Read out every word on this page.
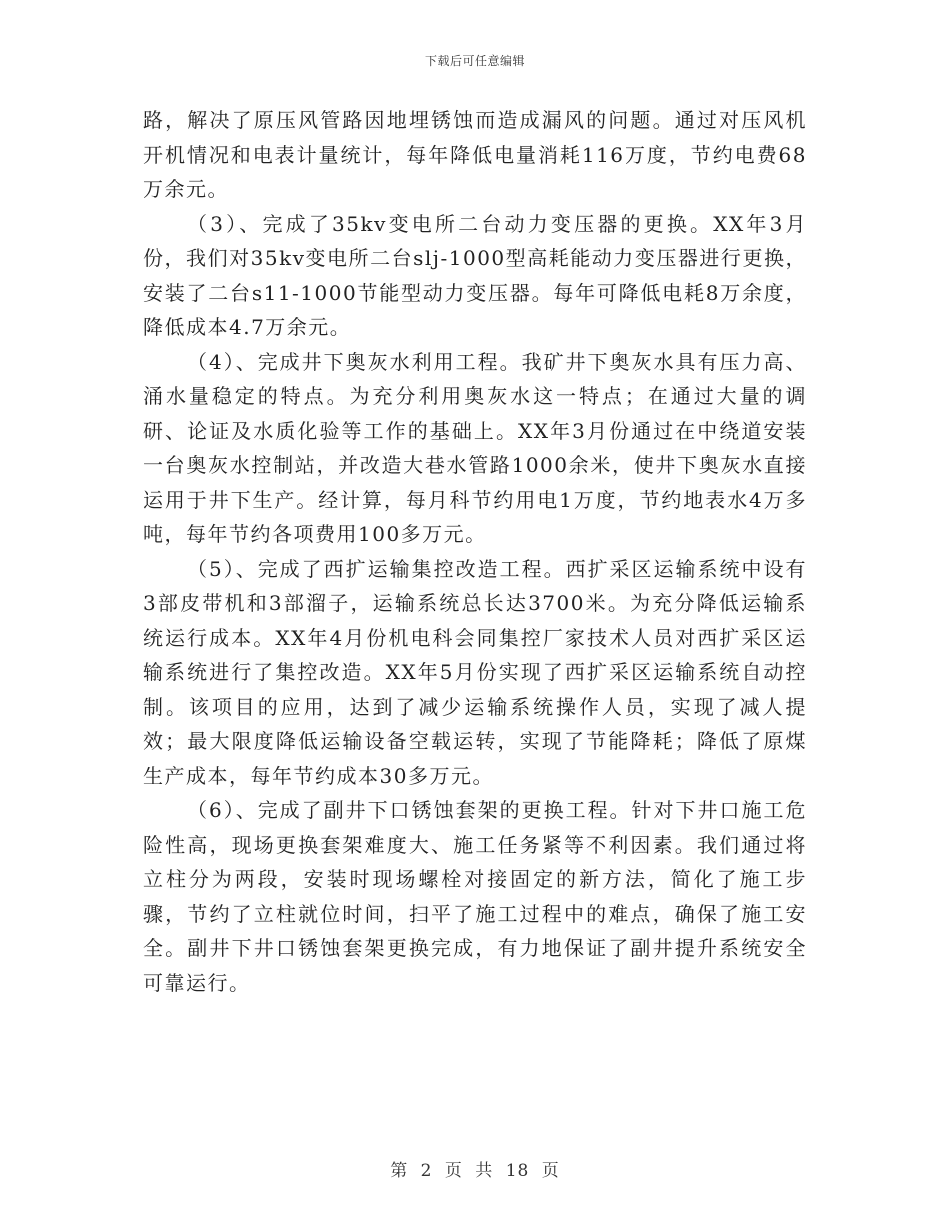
下载后可任意编辑

路，解决了原压风管路因地埋锈蚀而造成漏风的问题。通过对压风机开机情况和电表计量统计，每年降低电量消耗116万度，节约电费68万余元。

（3）、完成了35kv变电所二台动力变压器的更换。XX年3月份，我们对35kv变电所二台slj-1000型高耗能动力变压器进行更换，安装了二台s11-1000节能型动力变压器。每年可降低电耗8万余度，降低成本4.7万余元。

（4）、完成井下奥灰水利用工程。我矿井下奥灰水具有压力高、涌水量稳定的特点。为充分利用奥灰水这一特点；在通过大量的调研、论证及水质化验等工作的基础上。XX年3月份通过在中绕道安装一台奥灰水控制站，并改造大巷水管路1000余米，使井下奥灰水直接运用于井下生产。经计算，每月科节约用电1万度，节约地表水4万多吨，每年节约各项费用100多万元。

（5）、完成了西扩运输集控改造工程。西扩采区运输系统中设有3部皮带机和3部溜子，运输系统总长达3700米。为充分降低运输系统运行成本。XX年4月份机电科会同集控厂家技术人员对西扩采区运输系统进行了集控改造。XX年5月份实现了西扩采区运输系统自动控制。该项目的应用，达到了减少运输系统操作人员，实现了减人提效；最大限度降低运输设备空载运转，实现了节能降耗；降低了原煤生产成本，每年节约成本30多万元。

（6）、完成了副井下口锈蚀套架的更换工程。针对下井口施工危险性高，现场更换套架难度大、施工任务紧等不利因素。我们通过将立柱分为两段，安装时现场螺栓对接固定的新方法，简化了施工步骤，节约了立柱就位时间，扫平了施工过程中的难点，确保了施工安全。副井下井口锈蚀套架更换完成，有力地保证了副井提升系统安全可靠运行。

第 2 页 共 18 页
